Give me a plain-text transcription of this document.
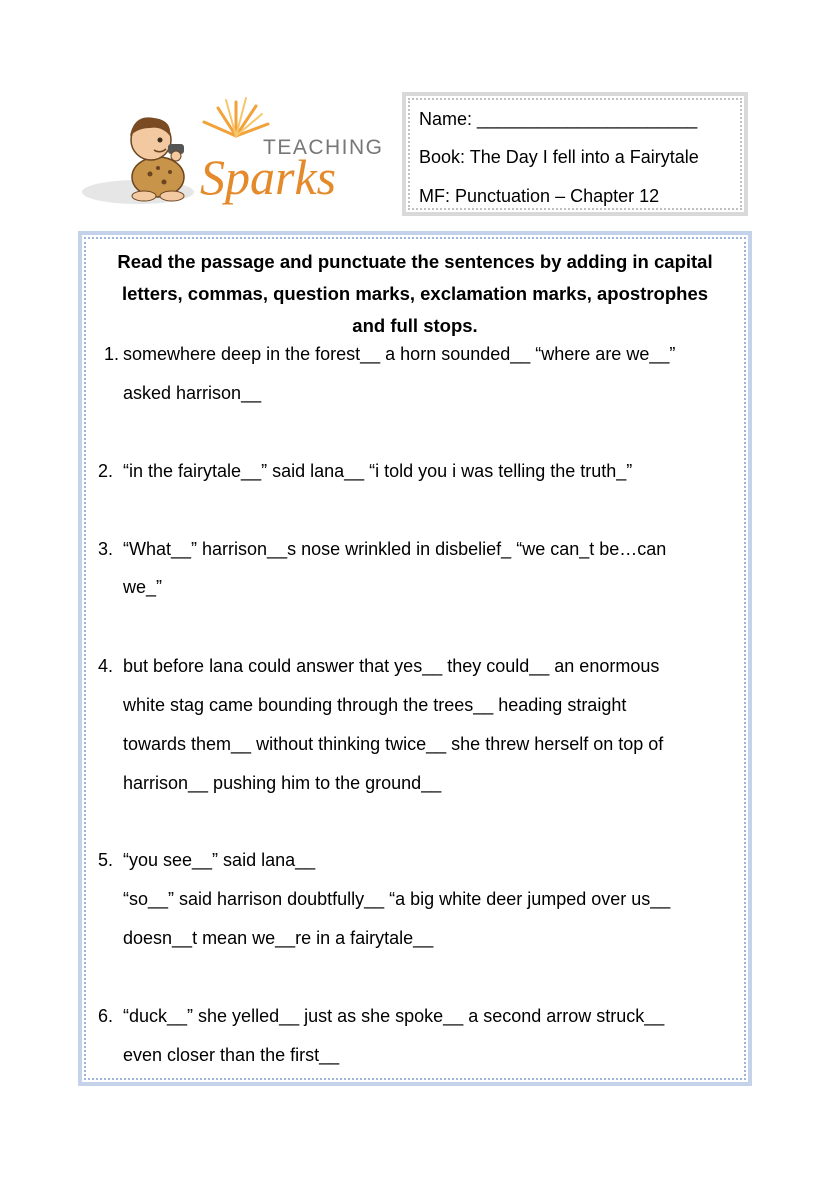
TEACHING
Sparks
Name: ______________________
Book: The Day I fell into a Fairytale
MF: Punctuation – Chapter 12
Read the passage and punctuate the sentences by adding in capital
letters, commas, question marks, exclamation marks, apostrophes
and full stops.
1. somewhere deep in the forest__ a horn sounded__ “where are we__”
asked harrison__
2. “in the fairytale__” said lana__ “i told you i was telling the truth_”
3. “What__” harrison__s nose wrinkled in disbelief_ “we can_t be…can
we_”
4. but before lana could answer that yes__ they could__ an enormous
white stag came bounding through the trees__ heading straight
towards them__ without thinking twice__ she threw herself on top of
harrison__ pushing him to the ground__
5. “you see__” said lana__
“so__” said harrison doubtfully__ “a big white deer jumped over us__
doesn__t mean we__re in a fairytale__
6. “duck__” she yelled__ just as she spoke__ a second arrow struck__
even closer than the first__
